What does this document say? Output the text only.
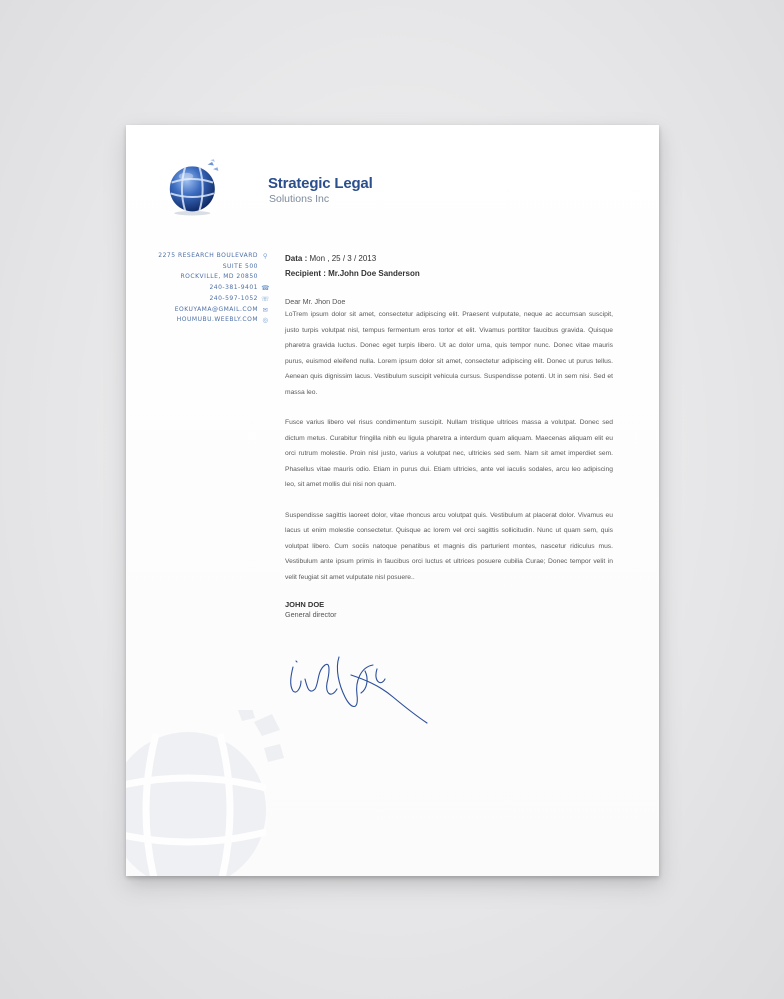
Strategic Legal
Solutions Inc
2275 RESEARCH BOULEVARD ⚲
SUITE 500
ROCKVILLE, MD 20850
240-381-9401 ☎
240-597-1052 ☏
EOKUYAMA@GMAIL.COM ✉
HOUMUBU.WEEBLY.COM ◎
Data : Mon , 25 / 3 / 2013
Recipient : Mr.John Doe Sanderson
Dear Mr. Jhon Doe

LoTrem ipsum dolor sit amet, consectetur adipiscing elit. Praesent vulputate, neque ac accumsan suscipit, justo turpis volutpat nisl, tempus fermentum eros tortor et elit. Vivamus porttitor faucibus gravida. Quisque pharetra gravida luctus. Donec eget turpis libero. Ut ac dolor urna, quis tempor nunc. Donec vitae mauris purus, euismod eleifend nulla. Lorem ipsum dolor sit amet, consectetur adipiscing elit. Donec ut purus tellus. Aenean quis dignissim lacus. Vestibulum suscipit vehicula cursus. Suspendisse potenti. Ut in sem nisi. Sed et massa leo.

Fusce varius libero vel risus condimentum suscipit. Nullam tristique ultrices massa a volutpat. Donec sed dictum metus. Curabitur fringilla nibh eu ligula pharetra a interdum quam aliquam. Maecenas aliquam elit eu orci rutrum molestie. Proin nisl justo, varius a volutpat nec, ultricies sed sem. Nam sit amet imperdiet sem. Phasellus vitae mauris odio. Etiam in purus dui. Etiam ultricies, ante vel iaculis sodales, arcu leo adipiscing leo, sit amet mollis dui nisi non quam.

Suspendisse sagittis laoreet dolor, vitae rhoncus arcu volutpat quis. Vestibulum at placerat dolor. Vivamus eu lacus ut enim molestie consectetur. Quisque ac lorem vel orci sagittis sollicitudin. Nunc ut quam sem, quis volutpat libero. Cum sociis natoque penatibus et magnis dis parturient montes, nascetur ridiculus mus. Vestibulum ante ipsum primis in faucibus orci luctus et ultrices posuere cubilia Curae; Donec tempor velit in velit feugiat sit amet vulputate nisl posuere..

JOHN DOE
General director
